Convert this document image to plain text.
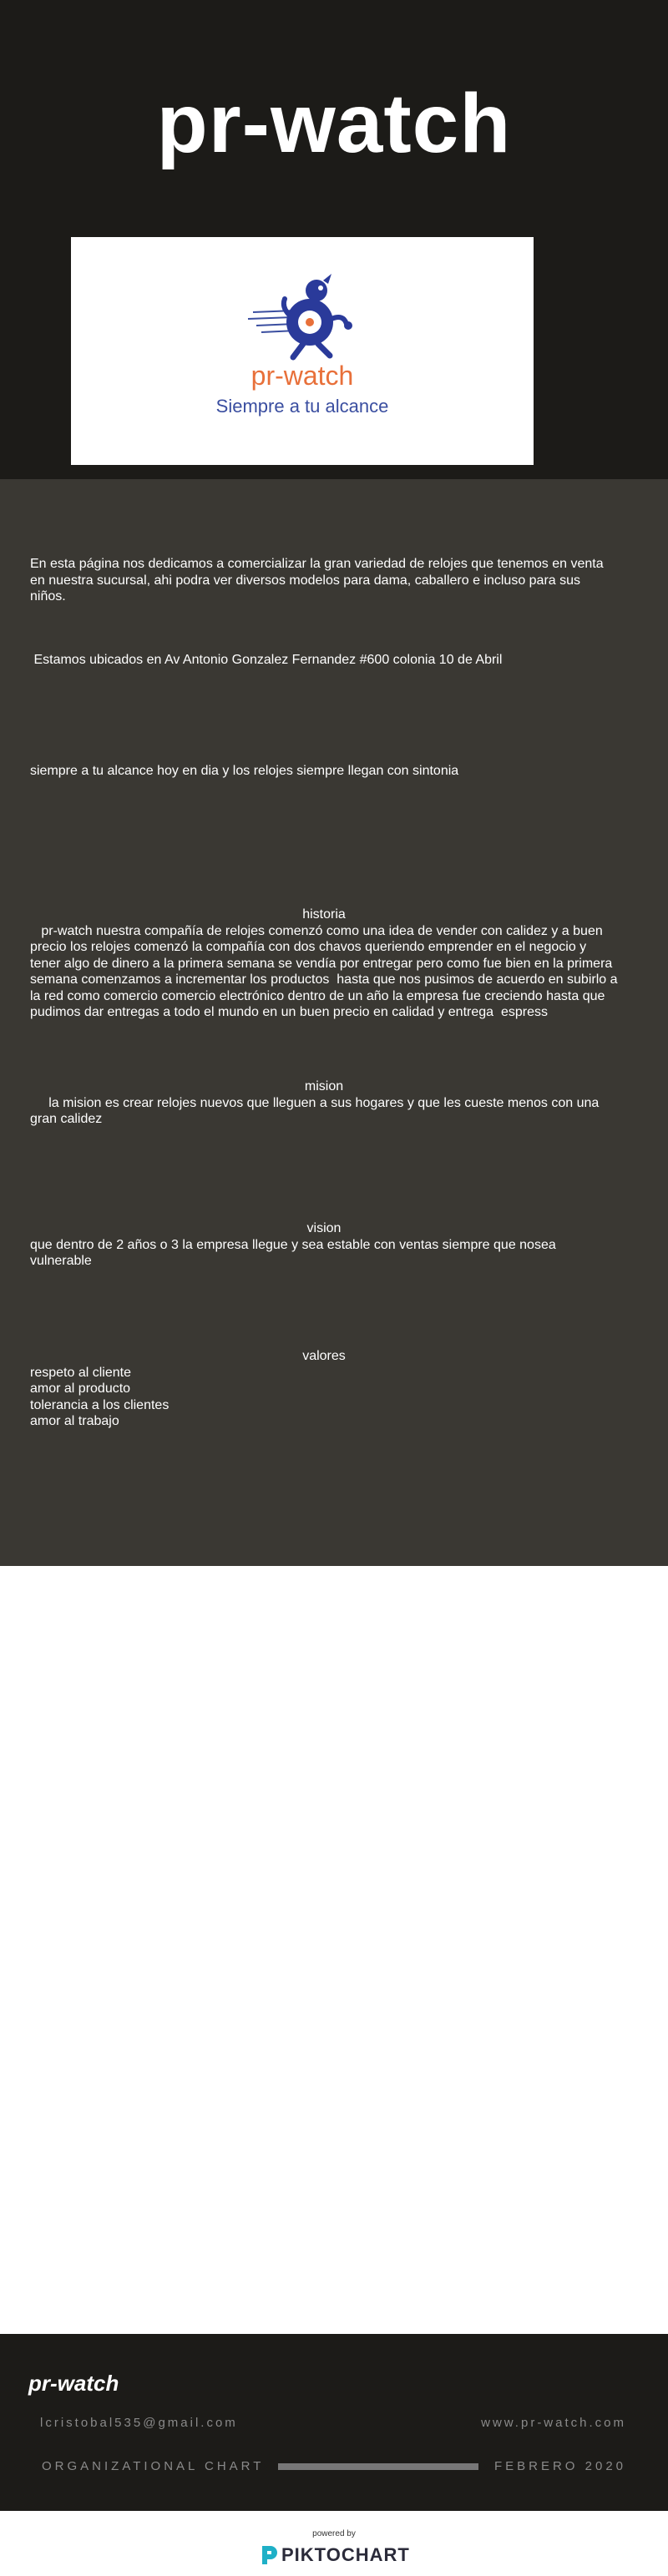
pr-watch
pr-watch
Siempre a tu alcance
En esta página nos dedicamos a comercializar la gran variedad de relojes que tenemos en venta en nuestra sucursal, ahi podra ver diversos modelos para dama, caballero e incluso para sus niños.
Estamos ubicados en Av Antonio Gonzalez Fernandez #600 colonia 10 de Abril
siempre a tu alcance hoy en dia y los relojes siempre llegan con sintonia
historia
pr-watch nuestra compañía de relojes comenzó como una idea de vender con calidez y a buen precio los relojes comenzó la compañía con dos chavos queriendo emprender en el negocio y tener algo de dinero a la primera semana se vendía por entregar pero como fue bien en la primera semana comenzamos a incrementar los productos  hasta que nos pusimos de acuerdo en subirlo a la red como comercio comercio electrónico dentro de un año la empresa fue creciendo hasta que pudimos dar entregas a todo el mundo en un buen precio en calidad y entrega  espress
mision
la mision es crear relojes nuevos que lleguen a sus hogares y que les cueste menos con una gran calidez
vision
que dentro de 2 años o 3 la empresa llegue y sea estable con ventas siempre que nosea vulnerable
valores
respeto al cliente
amor al producto
tolerancia a los clientes
amor al trabajo
pr-watch
lcristobal535@gmail.com	www.pr-watch.com
ORGANIZATIONAL CHART	FEBRERO 2020
powered by
PIKTOCHART
